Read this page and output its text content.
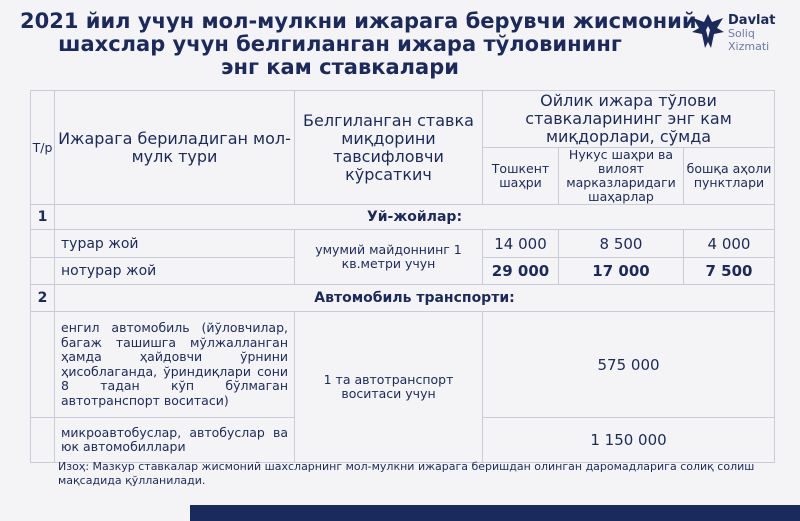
2021 йил учун мол-мулкни ижарага берувчи жисмоний
шахслар учун белгиланган ижара тўловининг
энг кам ставкалари
Davlat
Soliq
Xizmati
Т/р	Ижарага бериладиган мол-мулк тури	Белгиланган ставка миқдорини тавсифловчи кўрсаткич	Ойлик ижара тўлови ставкаларининг энг кам миқдорлари, сўмда		
			Тошкент шаҳри	Нукус шаҳри ва вилоят марказларидаги шаҳарлар	бошқа аҳоли пунктлари
1	Уй-жойлар:				
	турар жой	умумий майдоннинг 1 кв.метри учун	14 000	8 500	4 000
	нотурар жой		29 000	17 000	7 500
2	Автомобиль транспорти:				
	енгил автомобиль (йўловчилар, багаж ташишга мўлжалланган ҳамда ҳайдовчи ўрнини ҳисоблаганда, ўриндиқлари сони 8 тадан кўп бўлмаган автотранспорт воситаси)	1 та автотранспорт воситаси учун	575 000		
	микроавтобуслар, автобуслар ва юк автомобиллари		1 150 000		

Изоҳ: Мазкур ставкалар жисмоний шахсларнинг мол-мулкни ижарага беришдан олинган даромадларига солиқ солиш мақсадида қўлланилади.
